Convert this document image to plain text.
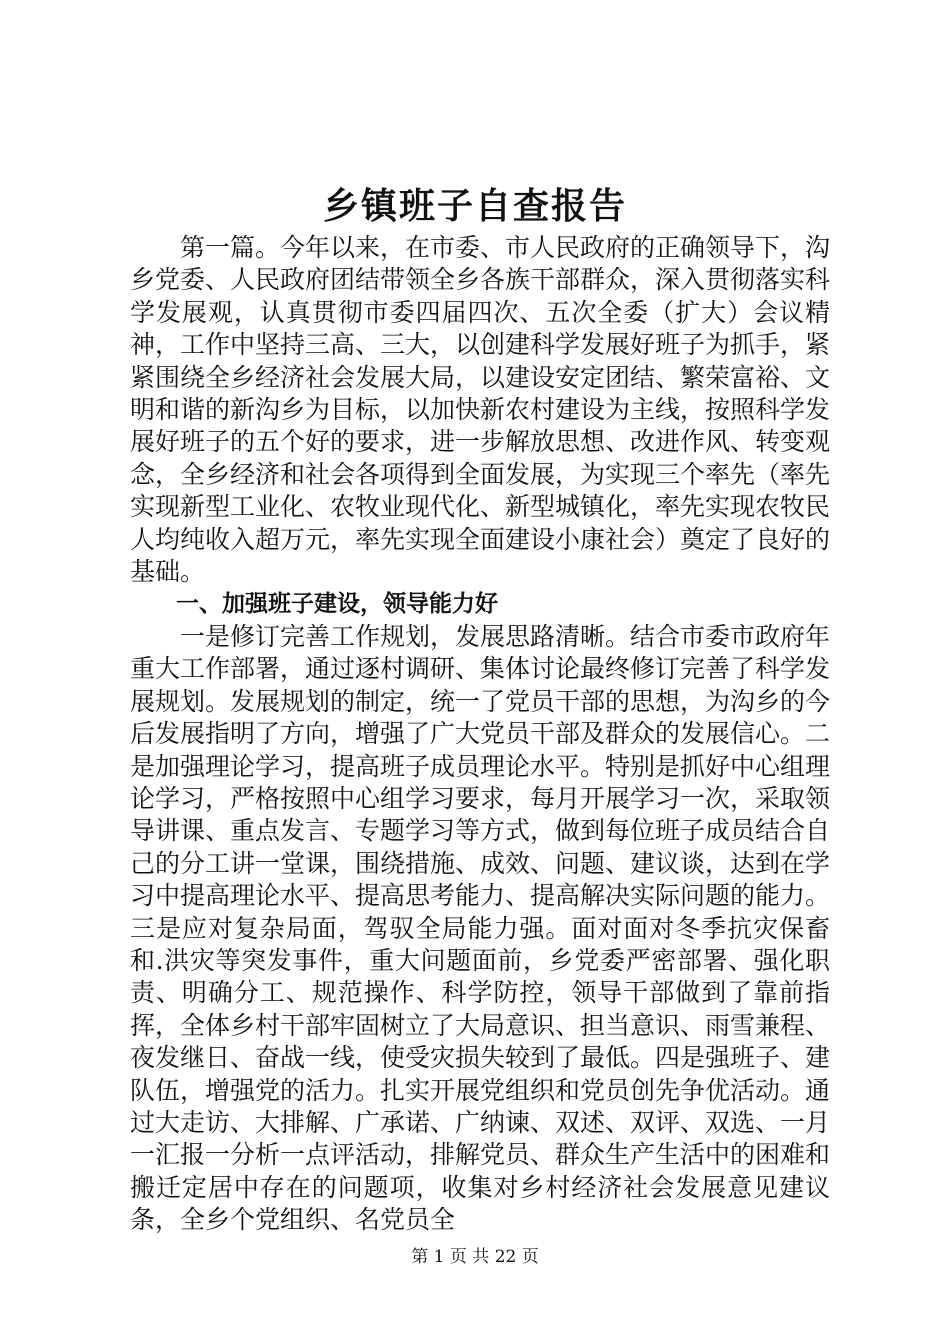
乡镇班子自查报告

第一篇。今年以来，在市委、市人民政府的正确领导下，沟乡党委、人民政府团结带领全乡各族干部群众，深入贯彻落实科学发展观，认真贯彻市委四届四次、五次全委（扩大）会议精神，工作中坚持三高、三大，以创建科学发展好班子为抓手，紧紧围绕全乡经济社会发展大局，以建设安定团结、繁荣富裕、文明和谐的新沟乡为目标，以加快新农村建设为主线，按照科学发展好班子的五个好的要求，进一步解放思想、改进作风、转变观念，全乡经济和社会各项得到全面发展，为实现三个率先（率先实现新型工业化、农牧业现代化、新型城镇化，率先实现农牧民人均纯收入超万元，率先实现全面建设小康社会）奠定了良好的基础。

一、加强班子建设，领导能力好

一是修订完善工作规划，发展思路清晰。结合市委市政府年重大工作部署，通过逐村调研、集体讨论最终修订完善了科学发展规划。发展规划的制定，统一了党员干部的思想，为沟乡的今后发展指明了方向，增强了广大党员干部及群众的发展信心。二是加强理论学习，提高班子成员理论水平。特别是抓好中心组理论学习，严格按照中心组学习要求，每月开展学习一次，采取领导讲课、重点发言、专题学习等方式，做到每位班子成员结合自己的分工讲一堂课，围绕措施、成效、问题、建议谈，达到在学习中提高理论水平、提高思考能力、提高解决实际问题的能力。三是应对复杂局面，驾驭全局能力强。面对面对冬季抗灾保畜和.洪灾等突发事件，重大问题面前，乡党委严密部署、强化职责、明确分工、规范操作、科学防控，领导干部做到了靠前指挥，全体乡村干部牢固树立了大局意识、担当意识、雨雪兼程、夜发继日、奋战一线，使受灾损失较到了最低。四是强班子、建队伍，增强党的活力。扎实开展党组织和党员创先争优活动。通过大走访、大排解、广承诺、广纳谏、双述、双评、双选、一月一汇报一分析一点评活动，排解党员、群众生产生活中的困难和搬迁定居中存在的问题项，收集对乡村经济社会发展意见建议条，全乡个党组织、名党员全

第 1 页 共 22 页
